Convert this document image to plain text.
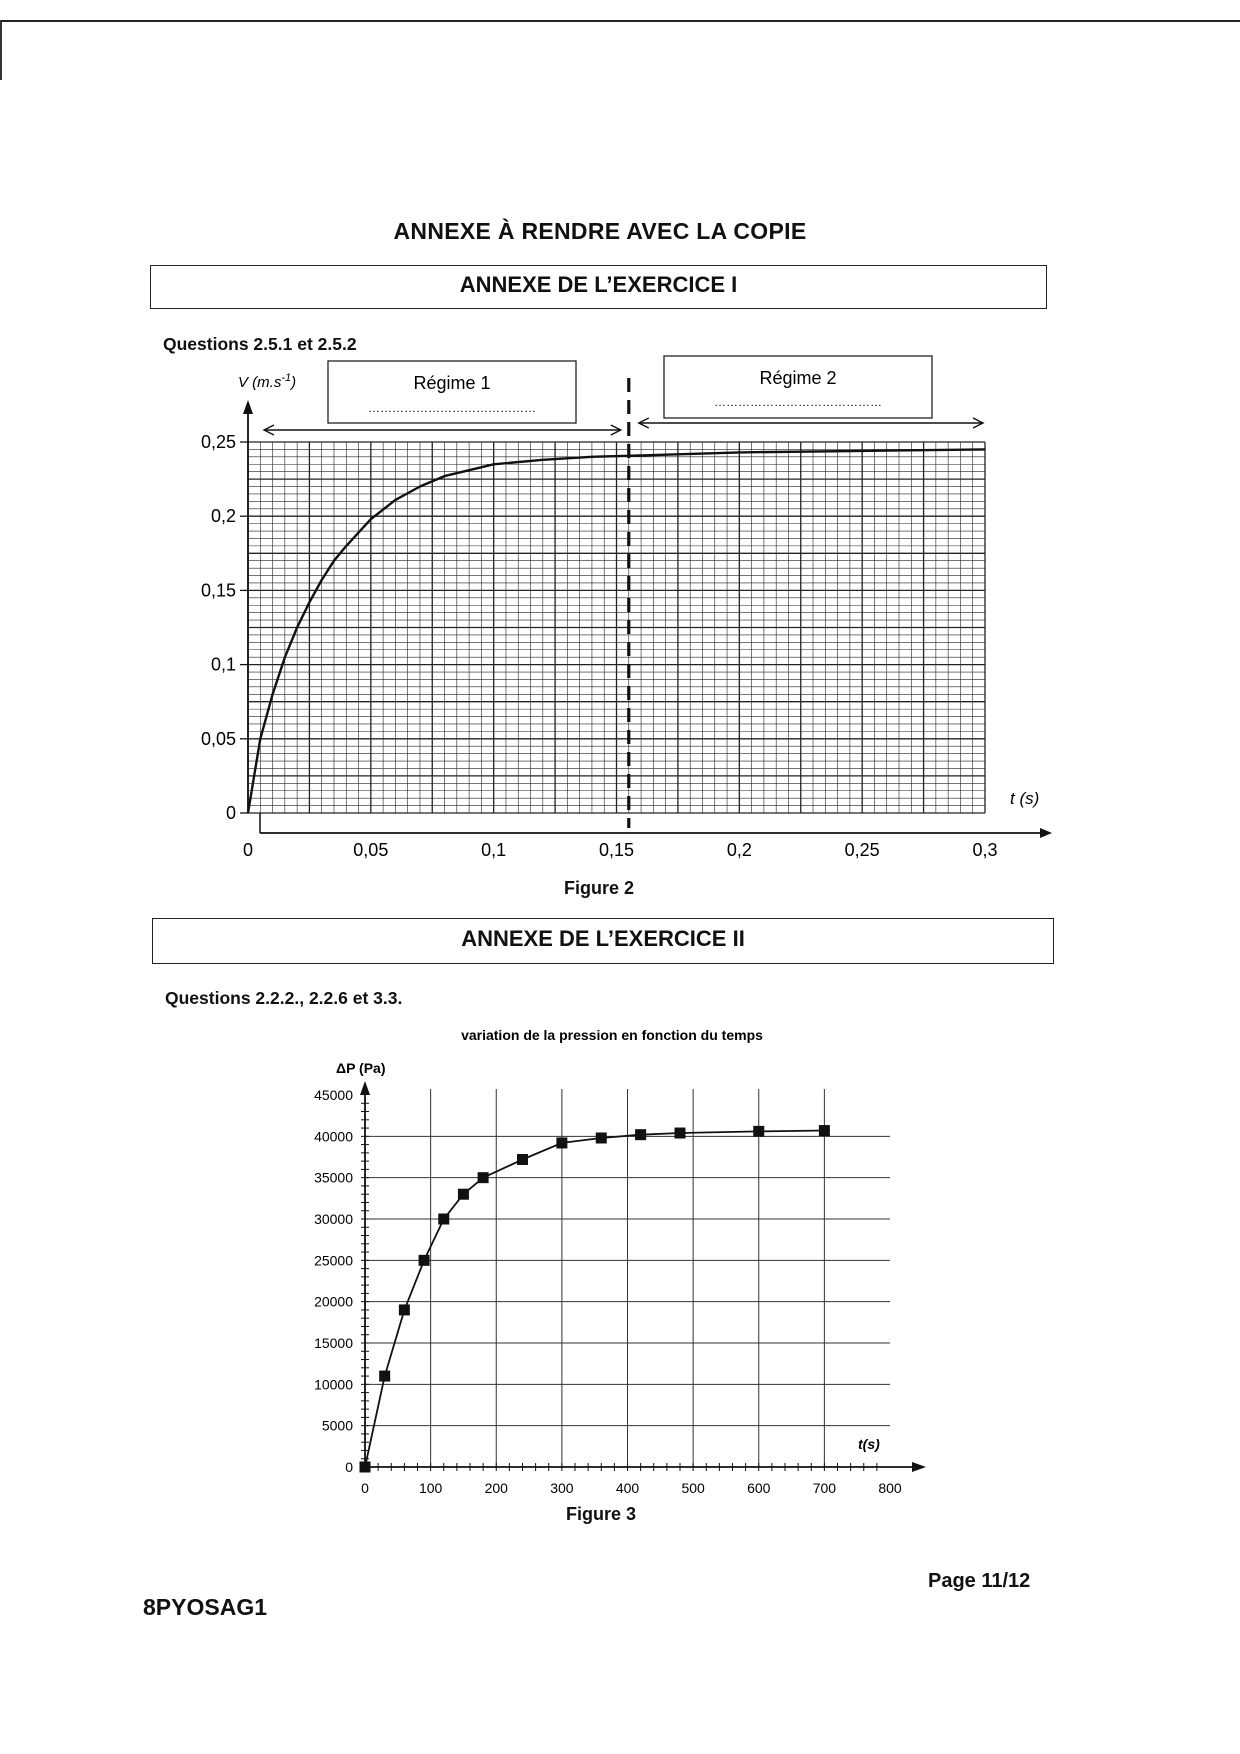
ANNEXE À RENDRE AVEC LA COPIE
ANNEXE DE L’EXERCICE I
Questions 2.5.1 et 2.5.2
0
0,05
0,1
0,15
0,2
0,25
0	0,05	0,1	0,15	0,2	0,25	0,3
V $(m.s^{-1})$
t (s)
Régime 1
……………………………………
Régime 2
……………………………………
Figure 2
ANNEXE DE L’EXERCICE II
Questions 2.2.2., 2.2.6 et 3.3.
variation de la pression en fonction du temps
ΔP (Pa)
0
5000
10000
15000
20000
25000
30000
35000
40000
45000
0	100	200	300	400	500	600	700	800
t(s)
Figure 3
8PYOSAG1
Page 11/12
